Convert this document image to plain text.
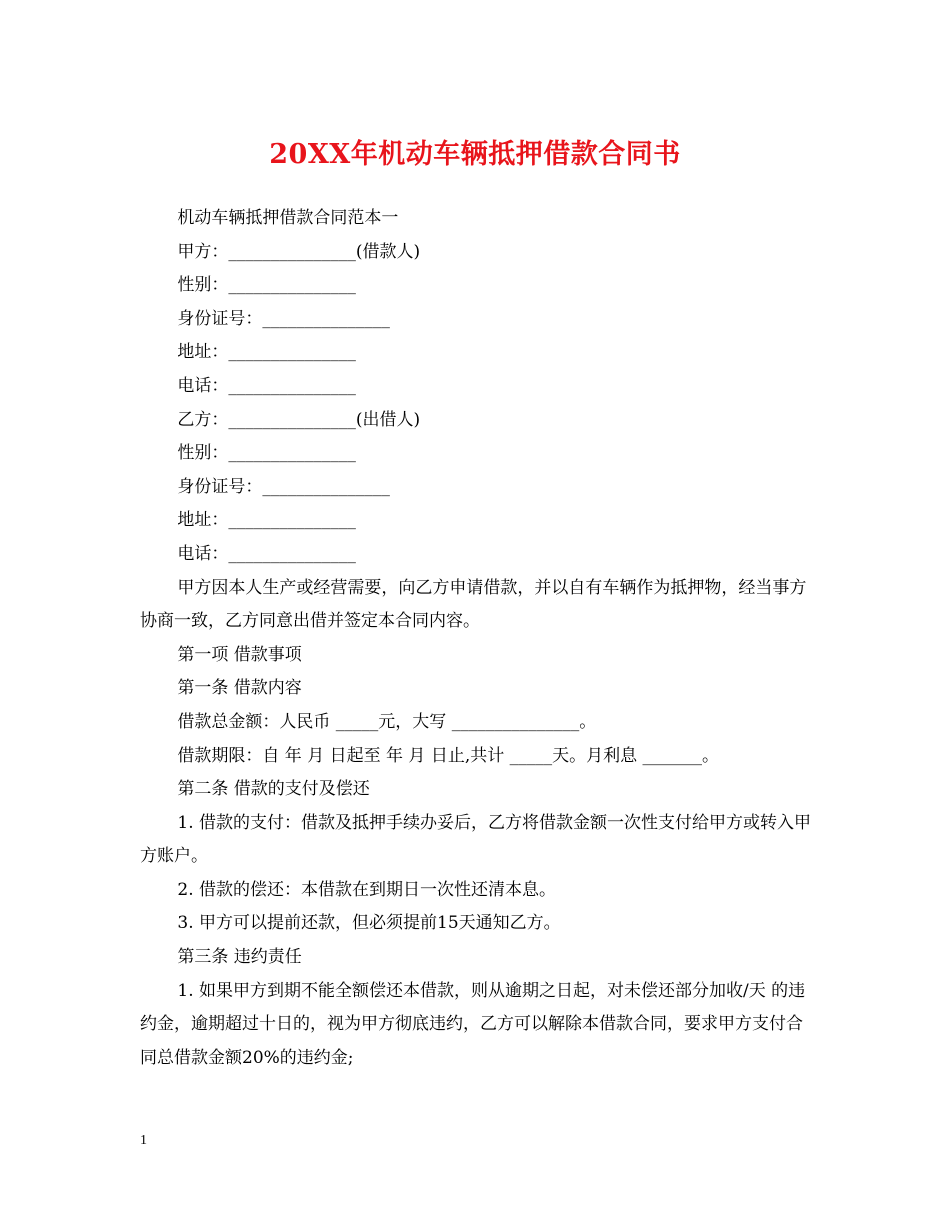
20XX年机动车辆抵押借款合同书

机动车辆抵押借款合同范本一

甲方：_______________(借款人)

性别：_______________

身份证号：_______________

地址：_______________

电话：_______________

乙方：_______________(出借人)

性别：_______________

身份证号：_______________

地址：_______________

电话：_______________

甲方因本人生产或经营需要，向乙方申请借款，并以自有车辆作为抵押物，经当事方协商一致，乙方同意出借并签定本合同内容。

第一项 借款事项

第一条 借款内容

借款总金额：人民币 _____元，大写 _______________。

借款期限：自 年 月 日起至 年 月 日止,共计 _____天。月利息 _______。

第二条 借款的支付及偿还

1. 借款的支付：借款及抵押手续办妥后，乙方将借款金额一次性支付给甲方或转入甲方账户。

2. 借款的偿还：本借款在到期日一次性还清本息。

3. 甲方可以提前还款，但必须提前15天通知乙方。

第三条 违约责任

1. 如果甲方到期不能全额偿还本借款，则从逾期之日起，对未偿还部分加收/天 的违约金，逾期超过十日的，视为甲方彻底违约，乙方可以解除本借款合同，要求甲方支付合同总借款金额20%的违约金;

1
